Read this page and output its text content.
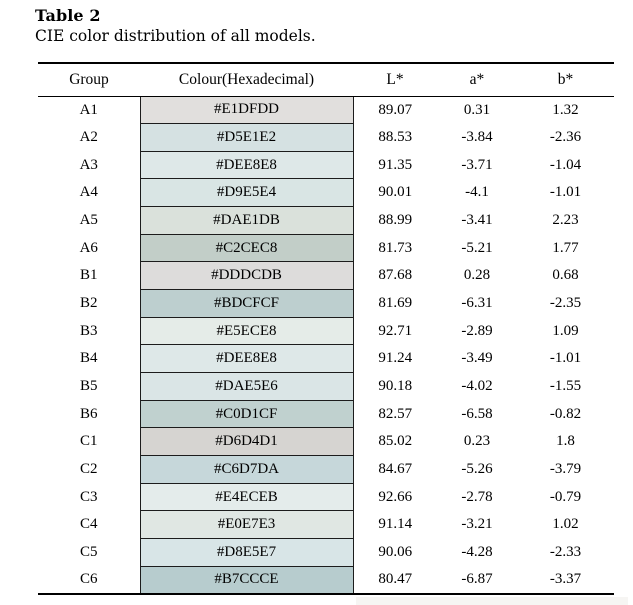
Table 2
CIE color distribution of all models.
Group	Colour(Hexadecimal)	L*	a*	b*
A1	#E1DFDD	89.07	0.31	1.32
A2	#D5E1E2	88.53	-3.84	-2.36
A3	#DEE8E8	91.35	-3.71	-1.04
A4	#D9E5E4	90.01	-4.1	-1.01
A5	#DAE1DB	88.99	-3.41	2.23
A6	#C2CEC8	81.73	-5.21	1.77
B1	#DDDCDB	87.68	0.28	0.68
B2	#BDCFCF	81.69	-6.31	-2.35
B3	#E5ECE8	92.71	-2.89	1.09
B4	#DEE8E8	91.24	-3.49	-1.01
B5	#DAE5E6	90.18	-4.02	-1.55
B6	#C0D1CF	82.57	-6.58	-0.82
C1	#D6D4D1	85.02	0.23	1.8
C2	#C6D7DA	84.67	-5.26	-3.79
C3	#E4ECEB	92.66	-2.78	-0.79
C4	#E0E7E3	91.14	-3.21	1.02
C5	#D8E5E7	90.06	-4.28	-2.33
C6	#B7CCCE	80.47	-6.87	-3.37
